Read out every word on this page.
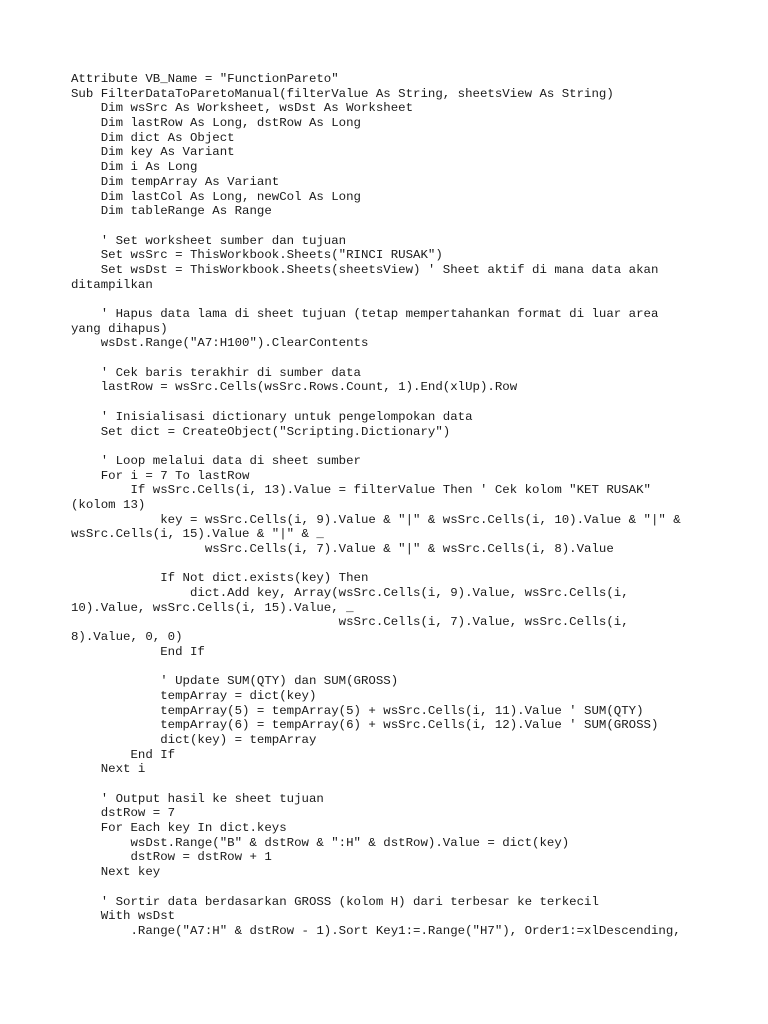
Attribute VB_Name = "FunctionPareto"
Sub FilterDataToParetoManual(filterValue As String, sheetsView As String)
Dim wsSrc As Worksheet, wsDst As Worksheet
Dim lastRow As Long, dstRow As Long
Dim dict As Object
Dim key As Variant
Dim i As Long
Dim tempArray As Variant
Dim lastCol As Long, newCol As Long
Dim tableRange As Range
' Set worksheet sumber dan tujuan
Set wsSrc = ThisWorkbook.Sheets("RINCI RUSAK")
Set wsDst = ThisWorkbook.Sheets(sheetsView) ' Sheet aktif di mana data akan
ditampilkan
' Hapus data lama di sheet tujuan (tetap mempertahankan format di luar area
yang dihapus)
wsDst.Range("A7:H100").ClearContents
' Cek baris terakhir di sumber data
lastRow = wsSrc.Cells(wsSrc.Rows.Count, 1).End(xlUp).Row
' Inisialisasi dictionary untuk pengelompokan data
Set dict = CreateObject("Scripting.Dictionary")
' Loop melalui data di sheet sumber
For i = 7 To lastRow
If wsSrc.Cells(i, 13).Value = filterValue Then ' Cek kolom "KET RUSAK"
(kolom 13)
key = wsSrc.Cells(i, 9).Value & "|" & wsSrc.Cells(i, 10).Value & "|" &
wsSrc.Cells(i, 15).Value & "|" & _
wsSrc.Cells(i, 7).Value & "|" & wsSrc.Cells(i, 8).Value
If Not dict.exists(key) Then
dict.Add key, Array(wsSrc.Cells(i, 9).Value, wsSrc.Cells(i,
10).Value, wsSrc.Cells(i, 15).Value, _
wsSrc.Cells(i, 7).Value, wsSrc.Cells(i,
8).Value, 0, 0)
End If
' Update SUM(QTY) dan SUM(GROSS)
tempArray = dict(key)
tempArray(5) = tempArray(5) + wsSrc.Cells(i, 11).Value ' SUM(QTY)
tempArray(6) = tempArray(6) + wsSrc.Cells(i, 12).Value ' SUM(GROSS)
dict(key) = tempArray
End If
Next i
' Output hasil ke sheet tujuan
dstRow = 7
For Each key In dict.keys
wsDst.Range("B" & dstRow & ":H" & dstRow).Value = dict(key)
dstRow = dstRow + 1
Next key
' Sortir data berdasarkan GROSS (kolom H) dari terbesar ke terkecil
With wsDst
.Range("A7:H" & dstRow - 1).Sort Key1:=.Range("H7"), Order1:=xlDescending,
